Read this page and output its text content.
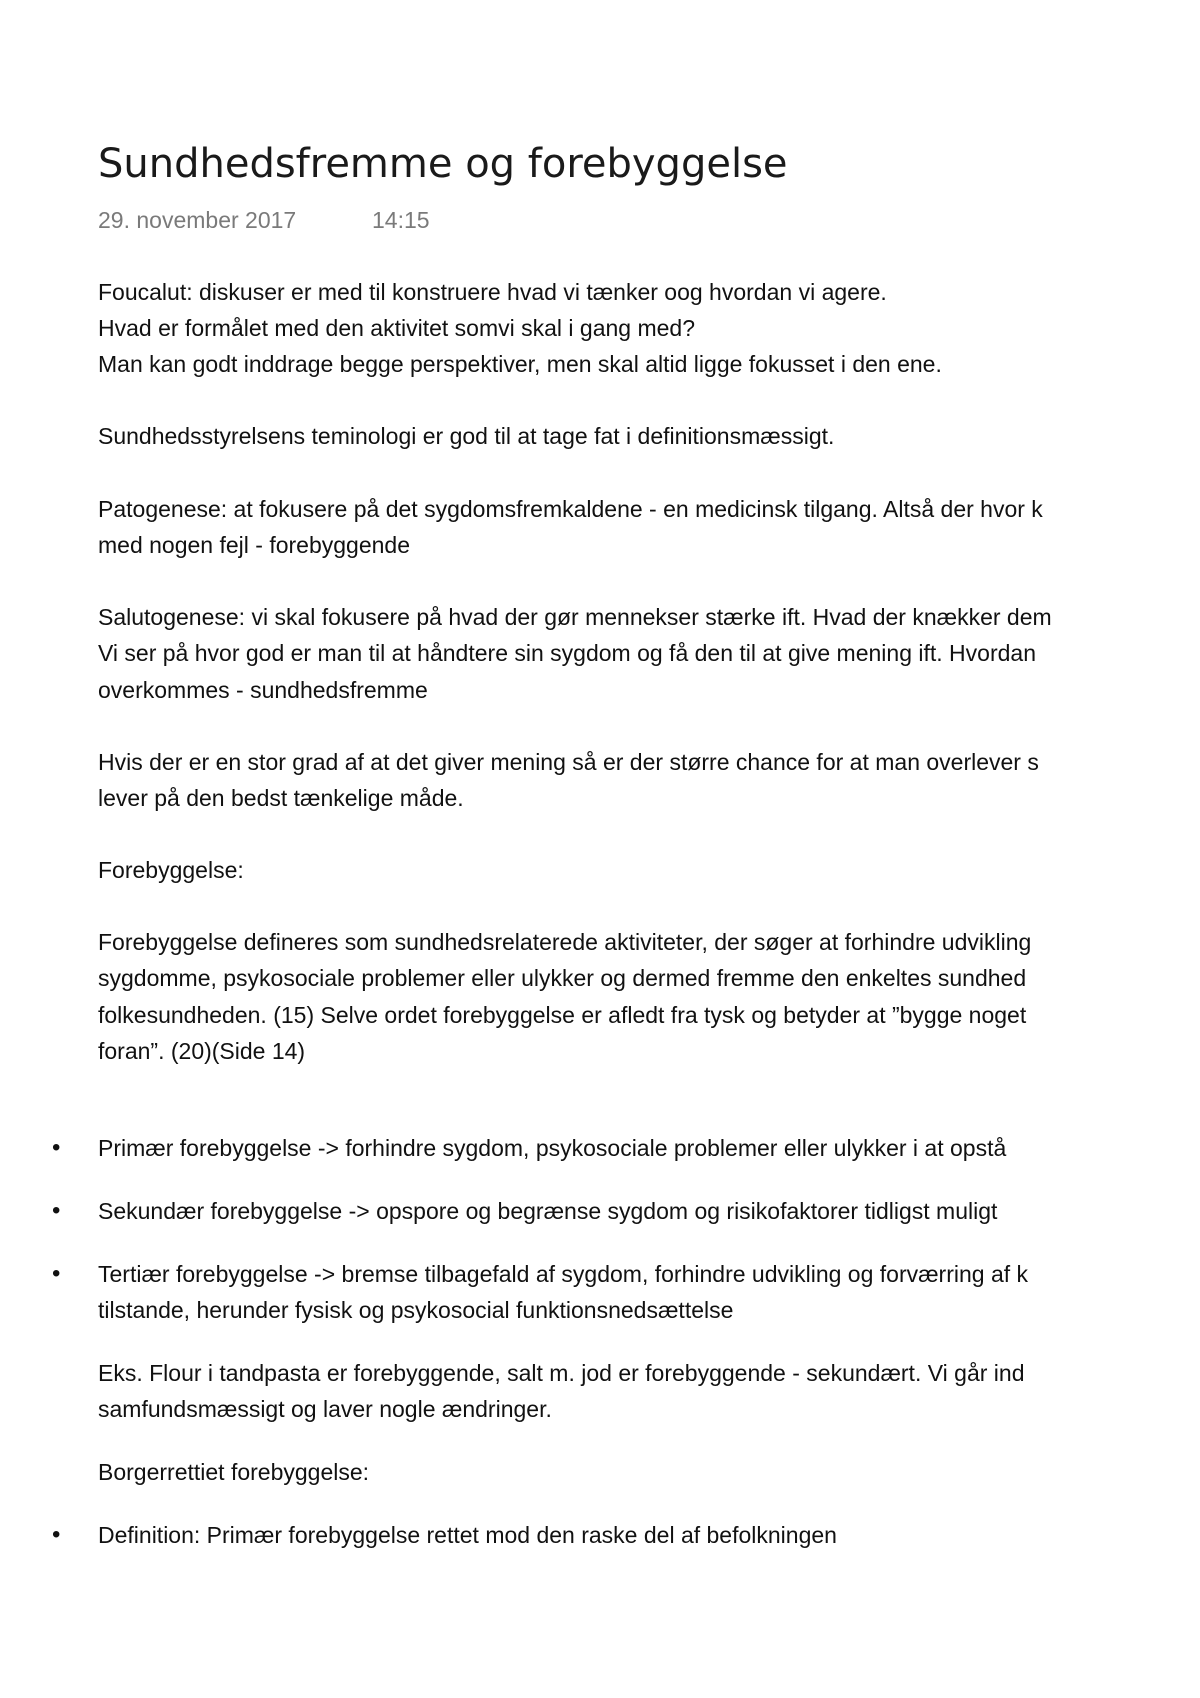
Sundhedsfremme og forebyggelse
29. november 2017	14:15

Foucalut: diskuser er med til konstruere hvad vi tænker oog hvordan vi agere.

Hvad er formålet med den aktivitet somvi skal i gang med?

Man kan godt inddrage begge perspektiver, men skal altid ligge fokusset i den ene.

Sundhedsstyrelsens teminologi er god til at tage fat i definitionsmæssigt.

Patogenese: at fokusere på det sygdomsfremkaldene - en medicinsk tilgang. Altså der hvor k

med nogen fejl - forebyggende

Salutogenese: vi skal fokusere på hvad der gør mennekser stærke ift. Hvad der knækker dem

Vi ser på hvor god er man til at håndtere sin sygdom og få den til at give mening ift. Hvordan

overkommes - sundhedsfremme

Hvis der er en stor grad af at det giver mening så er der større chance for at man overlever s

lever på den bedst tænkelige måde.

Forebyggelse:

Forebyggelse defineres som sundhedsrelaterede aktiviteter, der søger at forhindre udvikling

sygdomme, psykosociale problemer eller ulykker og dermed fremme den enkeltes sundhed

folkesundheden. (15) Selve ordet forebyggelse er afledt fra tysk og betyder at ”bygge noget

foran”. (20)(Side 14)

• Primær forebyggelse -> forhindre sygdom, psykosociale problemer eller ulykker i at opstå

• Sekundær forebyggelse -> opspore og begrænse sygdom og risikofaktorer tidligst muligt

• Tertiær forebyggelse -> bremse tilbagefald af sygdom, forhindre udvikling og forværring af k

tilstande, herunder fysisk og psykosocial funktionsnedsættelse

Eks. Flour i tandpasta er forebyggende, salt m. jod er forebyggende - sekundært. Vi går ind

samfundsmæssigt og laver nogle ændringer.

Borgerrettiet forebyggelse:

• Definition: Primær forebyggelse rettet mod den raske del af befolkningen
